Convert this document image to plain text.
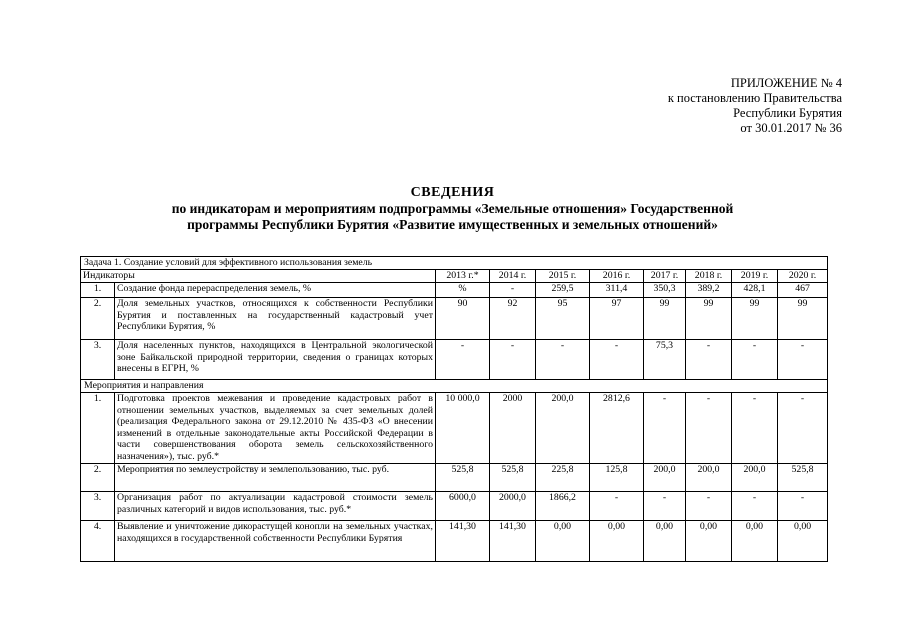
ПРИЛОЖЕНИЕ № 4
к постановлению Правительства
Республики Бурятия
от 30.01.2017 № 36
СВЕДЕНИЯ
по индикаторам и мероприятиям подпрограммы «Земельные отношения» Государственной
программы Республики Бурятия «Развитие имущественных и земельных отношений»
Задача 1. Создание условий для эффективного использования земель									
Индикаторы		2013 г.*	2014 г.	2015 г.	2016 г.	2017 г.	2018 г.	2019 г.	2020 г.
1.	Создание фонда перераспределения земель, %	%	-	259,5	311,4	350,3	389,2	428,1	467
2.	Доля земельных участков, относящихся к собственности Республики Бурятия и поставленных на государственный кадастровый учет Республики Бурятия, %	90	92	95	97	99	99	99	99
3.	Доля населенных пунктов, находящихся в Центральной экологической зоне Байкальской природной территории, сведения о границах которых внесены в ЕГРН, %	-	-	-	-	75,3	-	-	-
Мероприятия и направления									
1.	Подготовка проектов межевания и проведение кадастровых работ в отношении земельных участков, выделяемых за счет земельных долей (реализация Федерального закона от 29.12.2010 № 435-ФЗ «О внесении изменений в отдельные законодательные акты Российской Федерации в части совершенствования оборота земель сельскохозяйственного назначения»), тыс. руб.*	10 000,0	2000	200,0	2812,6	-	-	-	-
2.	Мероприятия по землеустройству и землепользованию, тыс. руб.	525,8	525,8	225,8	125,8	200,0	200,0	200,0	525,8
3.	Организация работ по актуализации кадастровой стоимости земель различных категорий и видов использования, тыс. руб.*	6000,0	2000,0	1866,2	-	-	-	-	-
4.	Выявление и уничтожение дикорастущей конопли на земельных участках, находящихся в государственной собственности Республики Бурятия	141,30	141,30	0,00	0,00	0,00	0,00	0,00	0,00
